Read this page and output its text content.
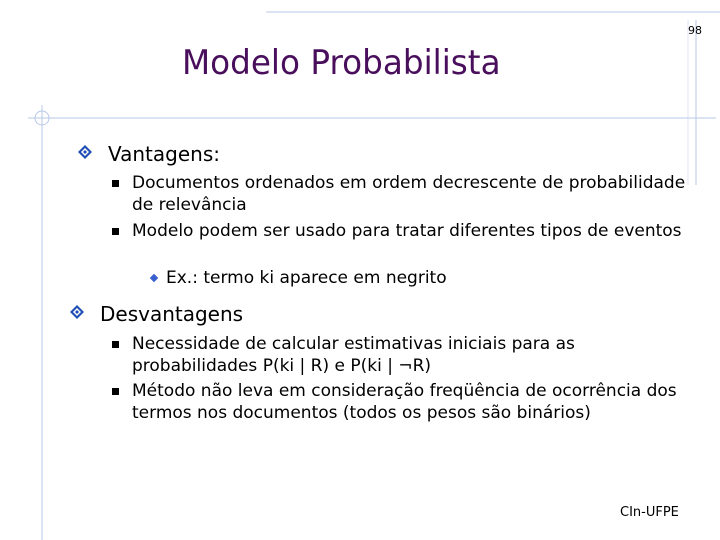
98
Modelo Probabilista
Vantagens:
Documentos ordenados em ordem decrescente de probabilidade de relevância
Modelo podem ser usado para tratar diferentes tipos de eventos
Ex.: termo ki aparece em negrito
Desvantagens
Necessidade de calcular estimativas iniciais para as probabilidades P(ki | R) e P(ki | ¬R)
Método não leva em consideração freqüência de ocorrência dos termos nos documentos (todos os pesos são binários)
CIn-UFPE
